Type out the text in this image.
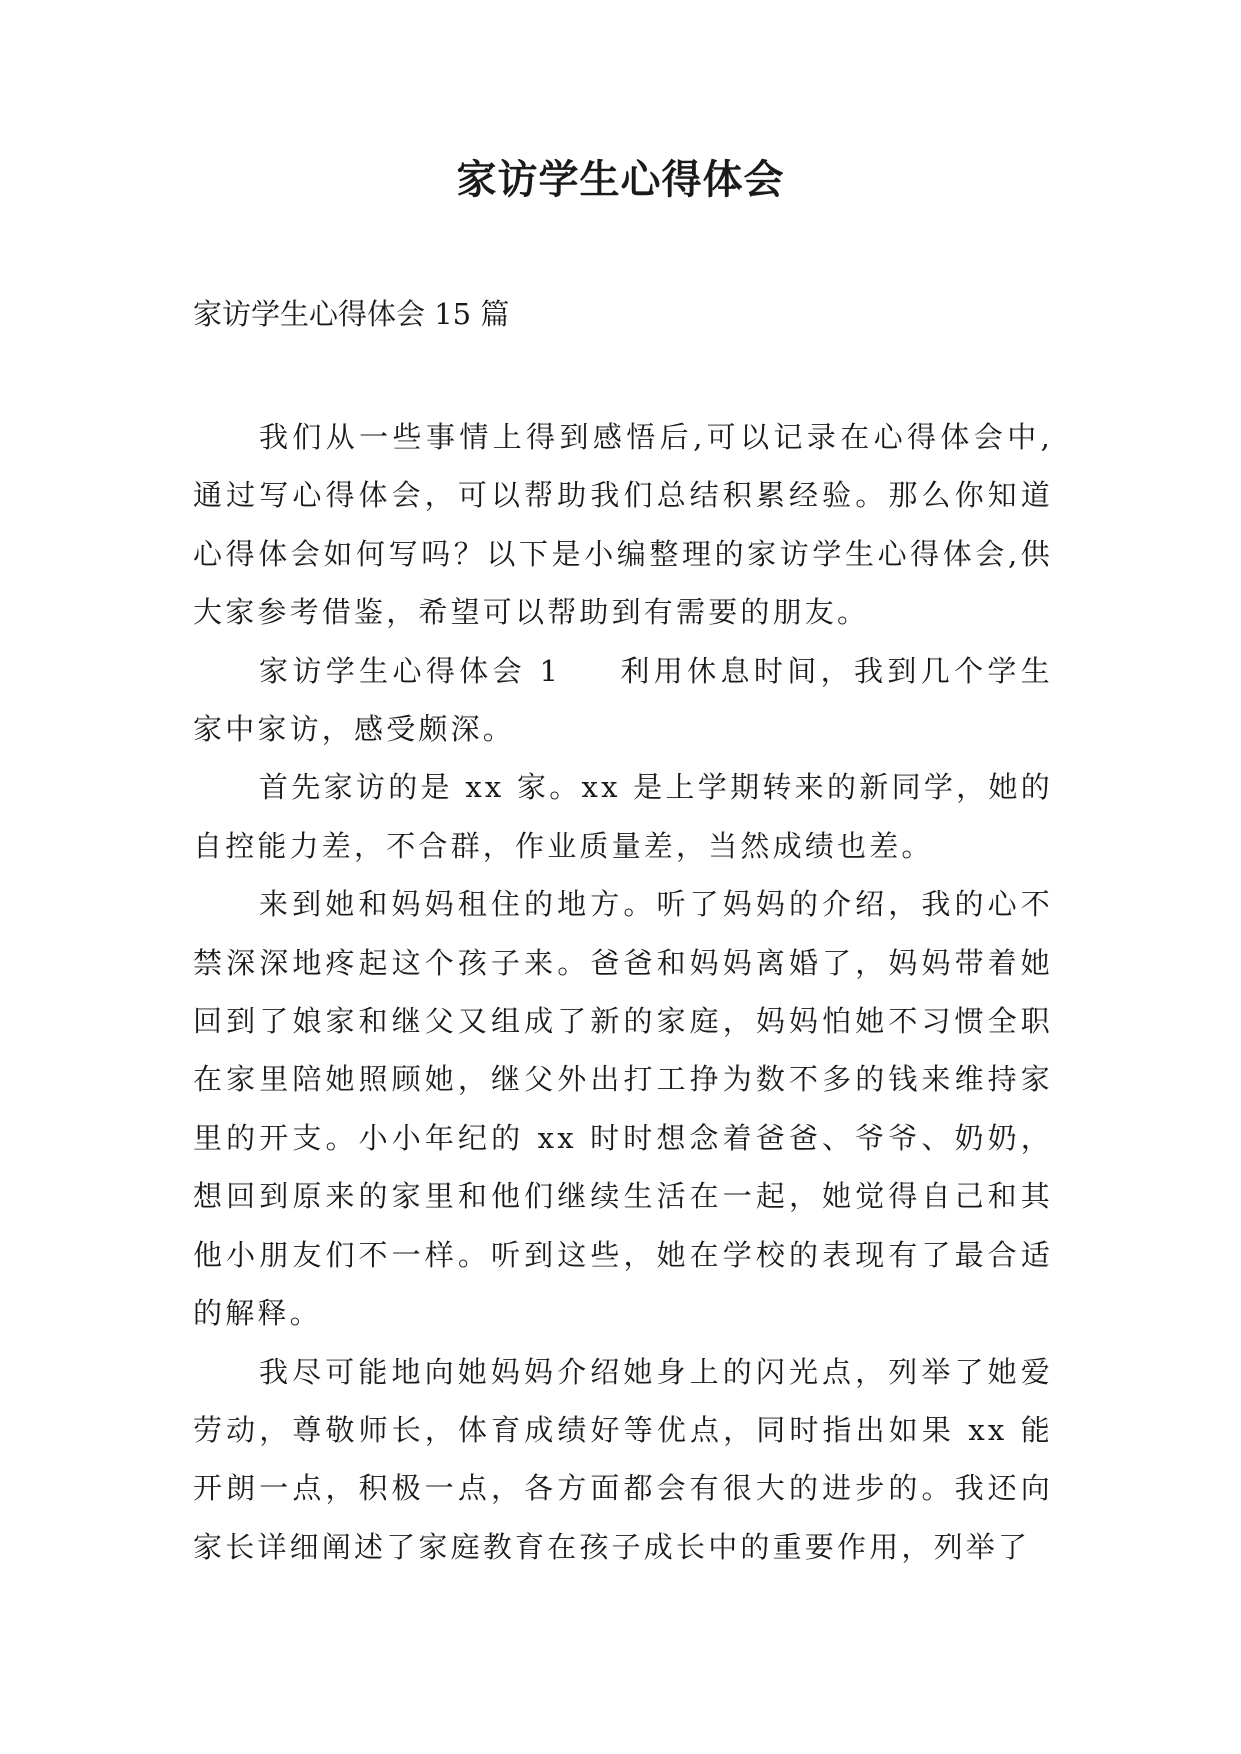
家访学生心得体会
家访学生心得体会 15 篇

我们从一些事情上得到感悟后,可以记录在心得体会中,通过写心得体会，可以帮助我们总结积累经验。那么你知道心得体会如何写吗？以下是小编整理的家访学生心得体会,供大家参考借鉴，希望可以帮助到有需要的朋友。

家访学生心得体会 1 利用休息时间，我到几个学生家中家访，感受颇深。

首先家访的是 xx 家。xx 是上学期转来的新同学，她的自控能力差，不合群，作业质量差，当然成绩也差。

来到她和妈妈租住的地方。听了妈妈的介绍，我的心不禁深深地疼起这个孩子来。爸爸和妈妈离婚了，妈妈带着她回到了娘家和继父又组成了新的家庭，妈妈怕她不习惯全职在家里陪她照顾她，继父外出打工挣为数不多的钱来维持家里的开支。小小年纪的 xx 时时想念着爸爸、爷爷、奶奶，想回到原来的家里和他们继续生活在一起，她觉得自己和其他小朋友们不一样。听到这些，她在学校的表现有了最合适的解释。

我尽可能地向她妈妈介绍她身上的闪光点，列举了她爱劳动，尊敬师长，体育成绩好等优点，同时指出如果 xx 能开朗一点，积极一点，各方面都会有很大的进步的。我还向家长详细阐述了家庭教育在孩子成长中的重要作用，列举了
